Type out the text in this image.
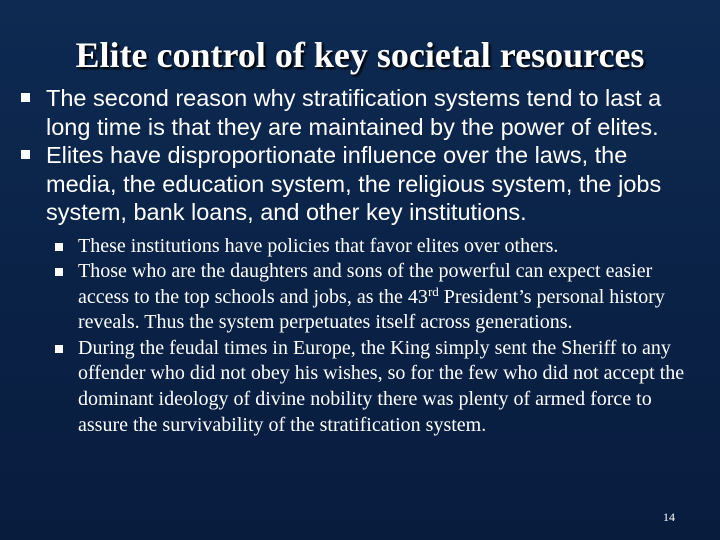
Elite control of key societal resources
The second reason why stratification systems tend to last a long time is that they are maintained by the power of elites.
Elites have disproportionate influence over the laws, the media, the education system, the religious system, the jobs system, bank loans, and other key institutions.
These institutions have policies that favor elites over others.
Those who are the daughters and sons of the powerful can expect easier access to the top schools and jobs, as the 43rd President’s personal history reveals. Thus the system perpetuates itself across generations.
During the feudal times in Europe, the King simply sent the Sheriff to any offender who did not obey his wishes, so for the few who did not accept the dominant ideology of divine nobility there was plenty of armed force to assure the survivability of the stratification system.
14
